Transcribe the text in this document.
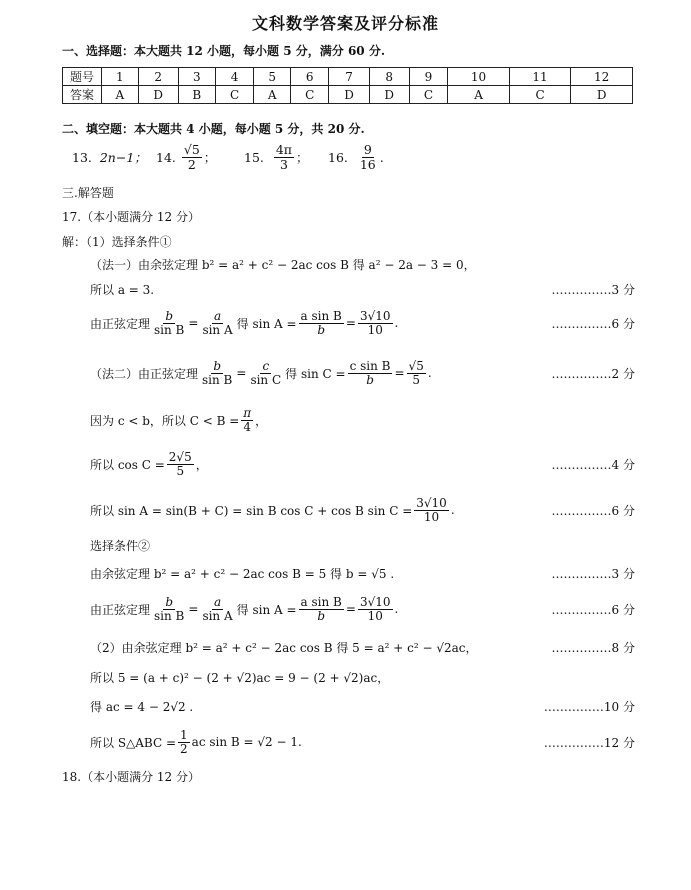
文科数学答案及评分标准
一、选择题：本大题共 12 小题，每小题 5 分，满分 60 分.
题号	1	2	3	4	5	6	7	8	9	10	11	12
答案	A	D	B	C	A	C	D	D	C	A	C	D
二、填空题：本大题共 4 小题，每小题 5 分，共 20 分.
13.
2n−1； 14.
$\frac{√5}{2}$ ； 15.
$\frac{4\pi}{3}$ ； 16.
$\frac{9}{16}$ .
三.解答题
17.（本小题满分 12 分）
解：（1）选择条件①
（法一）由余弦定理 b² = a² + c² − 2ac cos B 得 a² − 2a − 3 = 0，
所以 a = 3.	……………3 分
由正弦定理 $\frac{b}{\text{sin B}} = \frac{a}{\text{sin A}}$ 得 $\sin A = \frac{\text{a sin B}}{b} = \frac{3√10}{10}$ .	……………6 分
（法二）由正弦定理 $\frac{b}{\text{sin B}} = \frac{c}{\text{sin C}}$ 得 $\sin C = \frac{\text{c sin B}}{b} = \frac{√5}{5}$ .	……………2 分
因为 c < b，所以 $C < B = \frac{\pi}{4}$ ，
所以 $\cos C = \frac{2√5}{5}$ ，	……………4 分
所以 sin A = sin(B + C) = sin B cos C + cos B $\sin C = \frac{3√10}{10}$ .	……………6 分
选择条件②
由余弦定理 b² = a² + c² − 2ac cos B = 5 得 b = √5 .	……………3 分
由正弦定理 $\frac{b}{\text{sin B}} = \frac{a}{\text{sin A}}$ 得 $\sin A = \frac{\text{a sin B}}{b} = \frac{3√10}{10}$ .	……………6 分
（2）由余弦定理 b² = a² + c² − 2ac cos B 得 5 = a² + c² − √2ac，	……………8 分
所以 5 = (a + c)² − (2 + √2)ac = 9 − (2 + √2)ac，
得 ac = 4 − 2√2 .	……………10 分
所以 S△ABC = $\frac{1}{2}$ ac sin B = √2 − 1.	……………12 分
18.（本小题满分 12 分）
